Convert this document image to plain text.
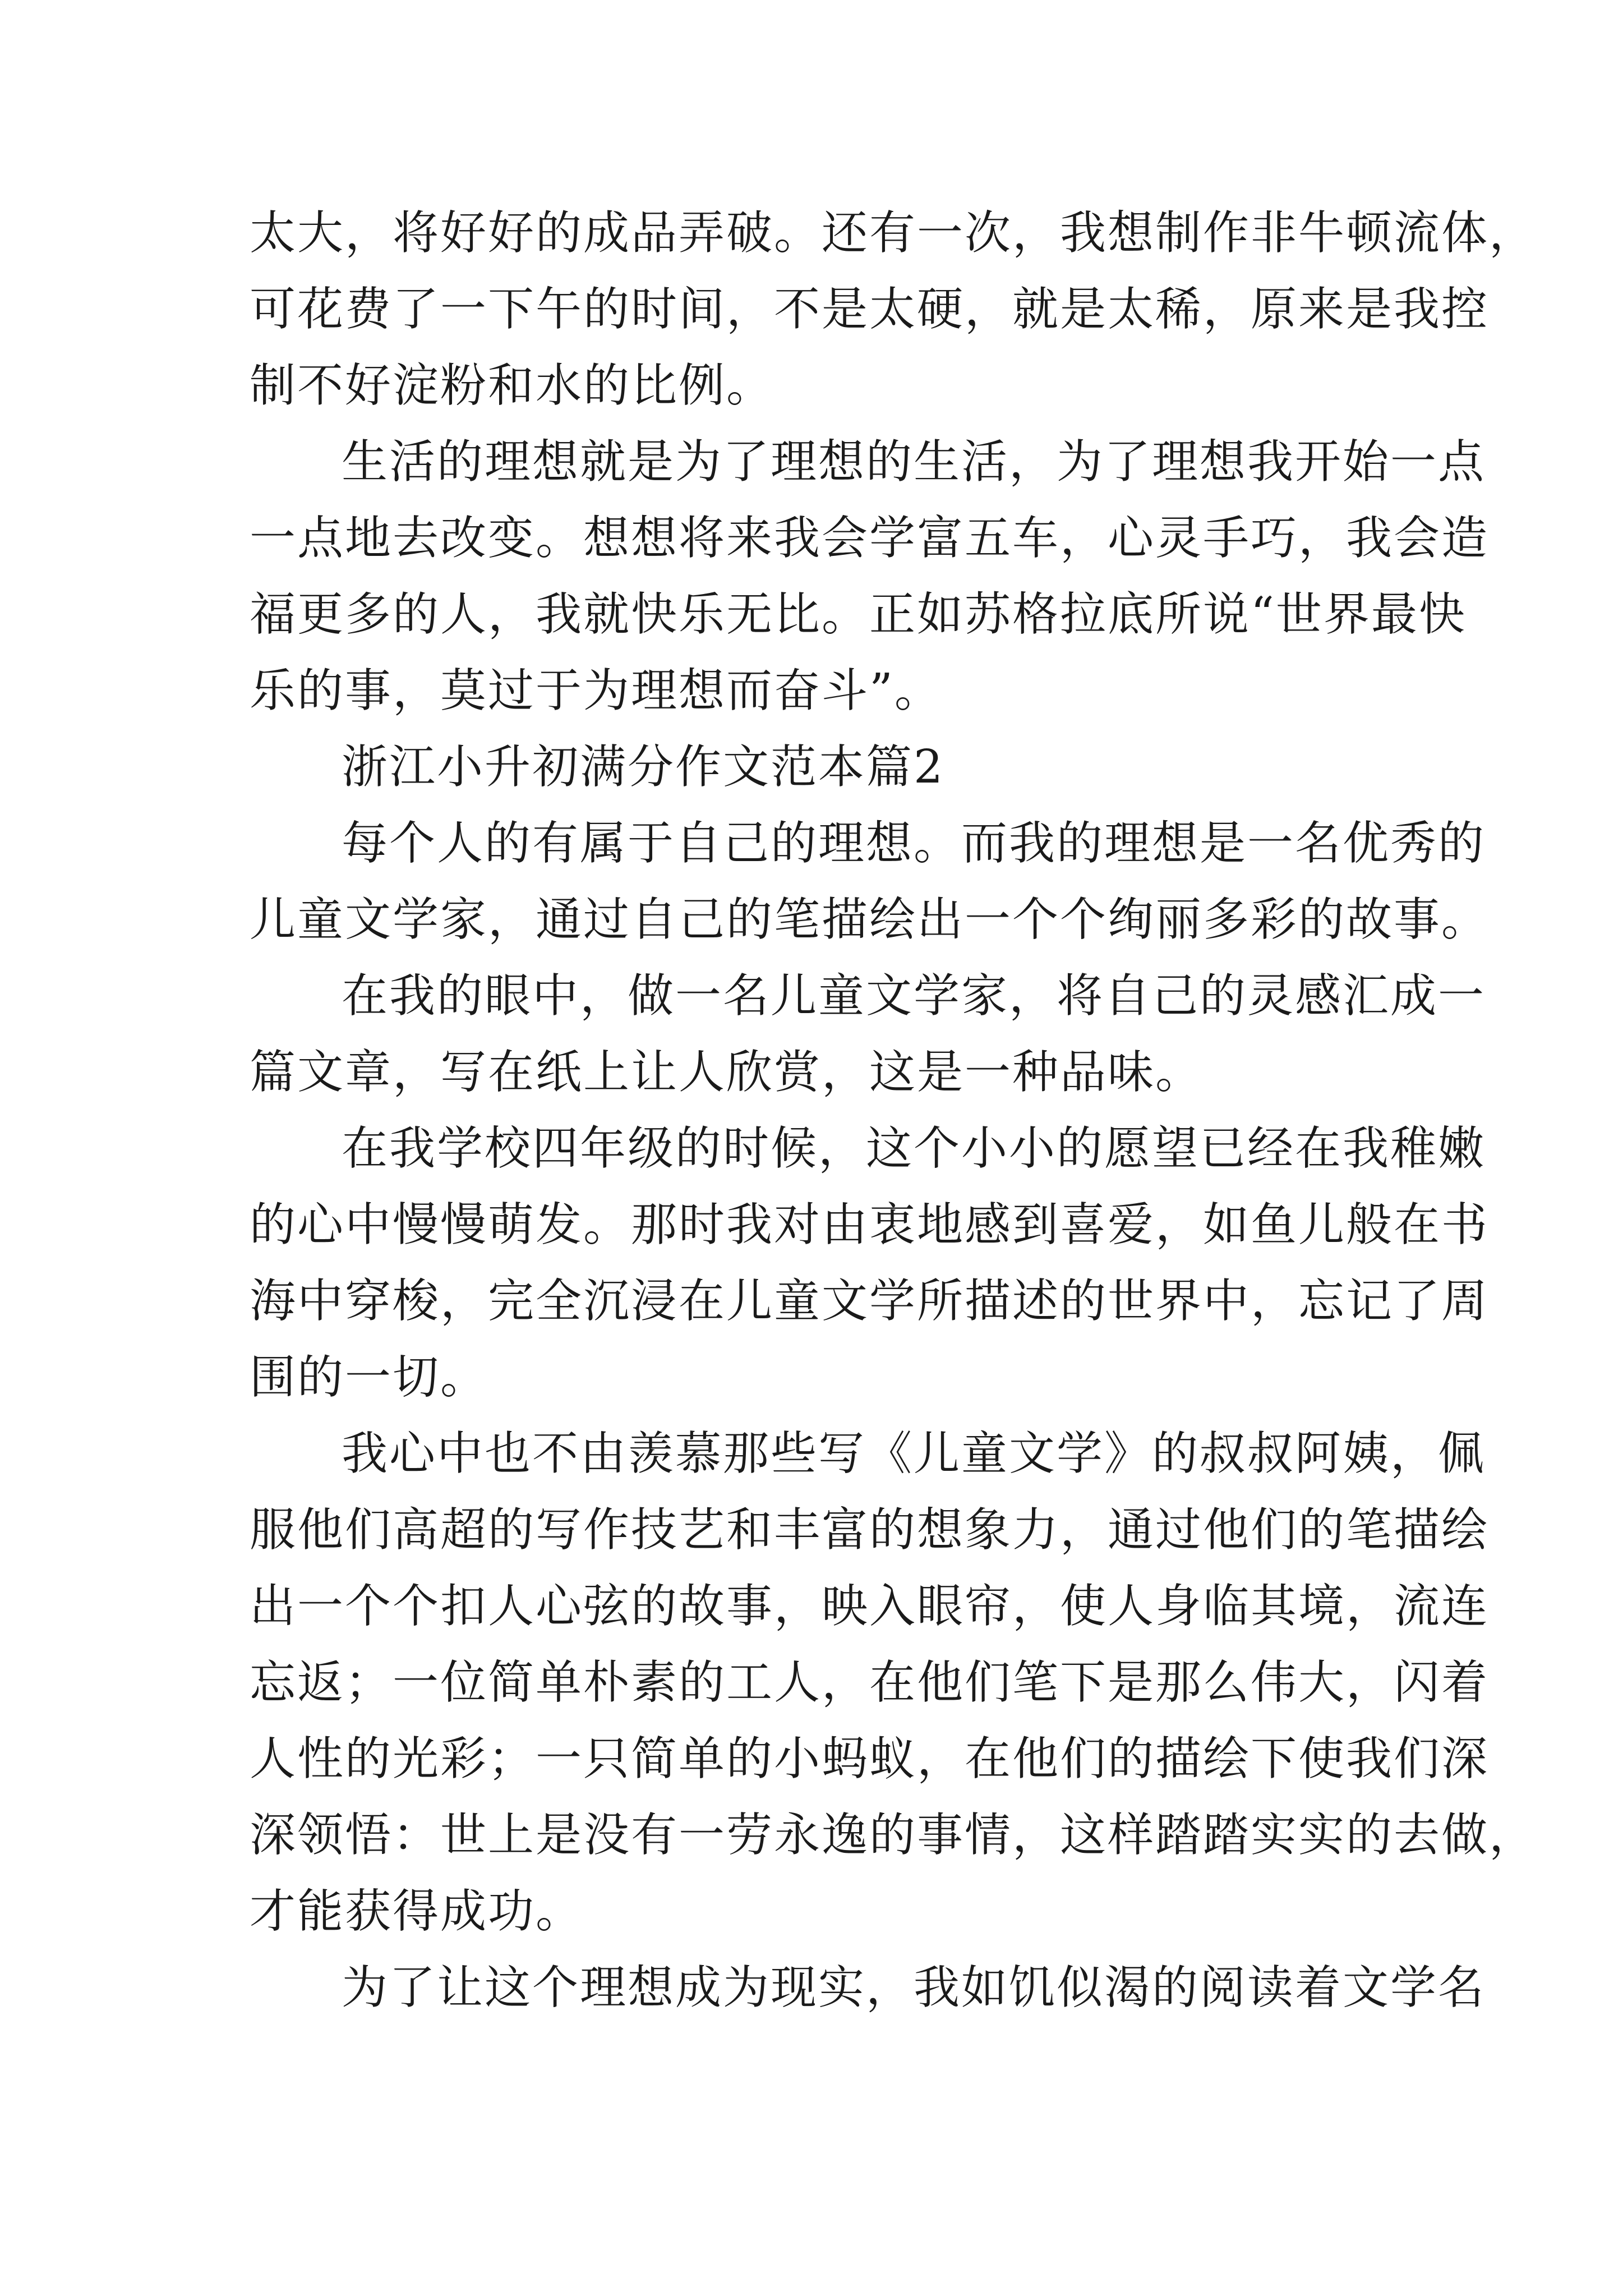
太大，将好好的成品弄破。还有一次，我想制作非牛顿流体，
可花费了一下午的时间，不是太硬，就是太稀，原来是我控
制不好淀粉和水的比例。
生活的理想就是为了理想的生活，为了理想我开始一点
一点地去改变。想想将来我会学富五车，心灵手巧，我会造
福更多的人，我就快乐无比。正如苏格拉底所说“世界最快
乐的事，莫过于为理想而奋斗”。
浙江小升初满分作文范本篇2
每个人的有属于自己的理想。而我的理想是一名优秀的
儿童文学家，通过自己的笔描绘出一个个绚丽多彩的故事。
在我的眼中，做一名儿童文学家，将自己的灵感汇成一
篇文章，写在纸上让人欣赏，这是一种品味。
在我学校四年级的时候，这个小小的愿望已经在我稚嫩
的心中慢慢萌发。那时我对由衷地感到喜爱，如鱼儿般在书
海中穿梭，完全沉浸在儿童文学所描述的世界中，忘记了周
围的一切。
我心中也不由羡慕那些写《儿童文学》的叔叔阿姨，佩
服他们高超的写作技艺和丰富的想象力，通过他们的笔描绘
出一个个扣人心弦的故事，映入眼帘，使人身临其境，流连
忘返；一位简单朴素的工人，在他们笔下是那么伟大，闪着
人性的光彩；一只简单的小蚂蚁，在他们的描绘下使我们深
深领悟：世上是没有一劳永逸的事情，这样踏踏实实的去做，
才能获得成功。
为了让这个理想成为现实，我如饥似渴的阅读着文学名
